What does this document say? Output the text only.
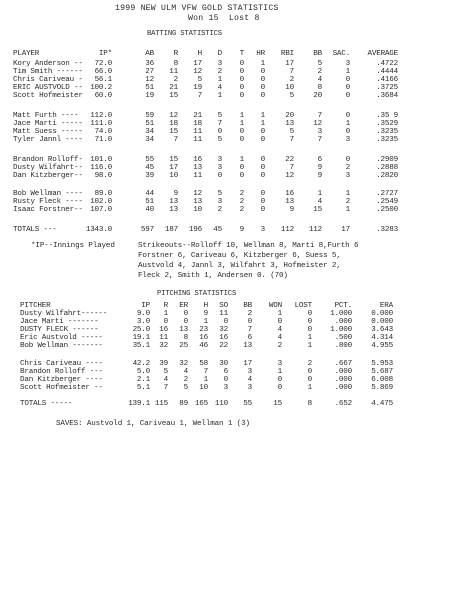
1999 NEW ULM VFW GOLD STATISTICS
Won 15  Lost 8
BATTING STATISTICS
PLAYER	IP*	AB	R	H D T HR RBI	BB SAC. AVERAGE
Kory Anderson -- 72.0	36	8 17 3 0 1	17	5	3	.4722
Tim Smith ------ 66.0	27 11 12 2 0 0	7	2	1	.4444
Chris Cariveau - 56.1	12	2	5 1 0 0	2	4	0	.4166
ERIC AUSTVOLD -- 100.2	51 21 19 4 0 0	10	8	0	.3725
Scott Hofmeister 60.0	19 15	7 1 0 0	5	20	0	.3684
Matt Furth ---- 112.0	59 12 21 5 1 1	20	7	0	.35 9
Jace Marti ----- 111.0	51 18 18 7 1 1	13	12	1	.3529
Matt Suess ----- 74.0	34 15 11 0 0 0	5	3	0	.3235
Tyler Jannl ---- 71.0	34	7 11 5 0 0	7	7	3	.3235
Brandon Rolloff- 101.0	55 15 16 3 1 0	22	6	0	.2909
Dusty Wilfahrt-- 116.0	45 17 13 3 0 0	7	9	2	.2888
Dan Kitzberger-- 98.0	39 10 11 0 0 0	12	9	3	.2820
Bob Wellman ---- 89.0	44	9 12 5 2 0	16	1	1	.2727
Rusty Fleck ---- 102.0	51 13 13 3 2 0	13	4	2	.2549
Isaac Forstner-- 107.0	40 13 10 2 2 0	9	15	1	.2500
TOTALS ---	1343.0	597 187 196 45 9 3 112 112	17	.3283
*IP--Innings Played	Strikeouts--Rolloff 10, Wellman 8, Marti 8,Furth 6
Forstner 6, Cariveau 6, Kitzberger 6, Suess 5,
Austvold 4, Jannl 3, Wilfahrt 3, Hofmeister 2,
Fleck 2, Smith 1, Andersen 0. (70)
PITCHING STATISTICS
PITCHER	IP R ER H SO BB WON LOST	PCT.	ERA
Dusty Wilfahrt------	9.0 1 0 9 11	2	1	0 1.000	0.000
Jace Marti -------	3.0 0 0 1 0	0	0	0	.000	0.000
DUSTY FLECK ------	25.0 16 13 23 32	7	4	0 1.000	3.643
Eric Austvold -----	19.1 11 8 16 16	6	4	1	.500	4.314
Bob Wellman -------	35.1 32 25 46 22 13	2	1	.800	4.955
Chris Cariveau ----	42.2 39 32 58 30 17	3	2	.667	5.953
Brandon Rolloff ---	5.0 5 4 7 6	3	1	0	.000	5.687
Dan Kitzberger ----	2.1 4 2 1 0	4	0	0	.000	6.008
Scott Hofmeister --	5.1 7 5 10 3	3	0	1	.000	5.869
TOTALS -----	139.1 115 89 165 110 55	15	8	.652	4.475
SAVES: Austvold 1, Cariveau 1, Wellman 1 (3)
